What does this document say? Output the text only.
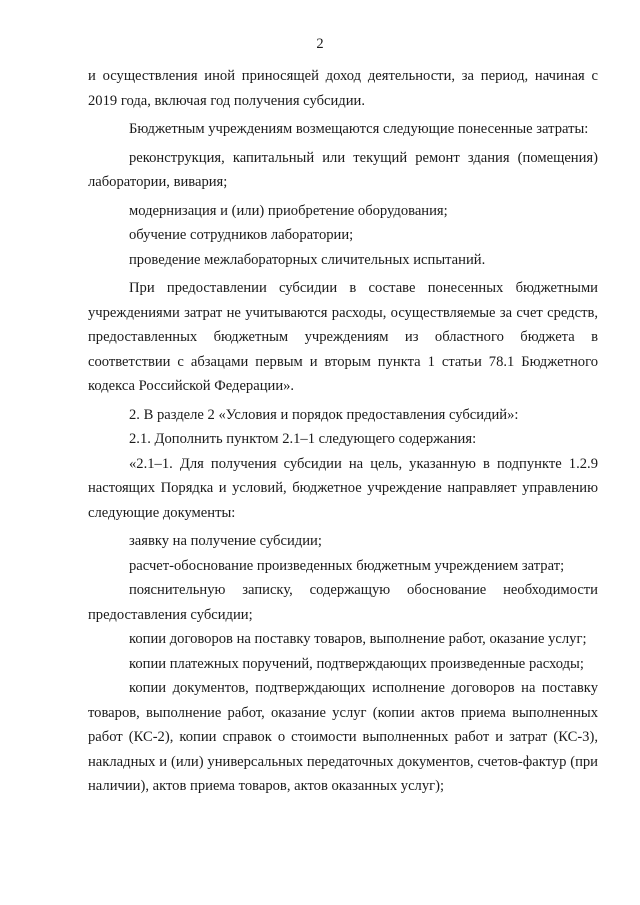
2

и осуществления иной приносящей доход деятельности, за период, начиная с 2019 года, включая год получения субсидии.

Бюджетным учреждениям возмещаются следующие понесенные затраты:

реконструкция, капитальный или текущий ремонт здания (помещения) лаборатории, вивария;

модернизация и (или) приобретение оборудования;

обучение сотрудников лаборатории;

проведение межлабораторных сличительных испытаний.

При предоставлении субсидии в составе понесенных бюджетными учреждениями затрат не учитываются расходы, осуществляемые за счет средств, предоставленных бюджетным учреждениям из областного бюджета в соответствии с абзацами первым и вторым пункта 1 статьи 78.1 Бюджетного кодекса Российской Федерации».

2. В разделе 2 «Условия и порядок предоставления субсидий»:

2.1. Дополнить пунктом 2.1–1 следующего содержания:

«2.1–1. Для получения субсидии на цель, указанную в подпункте 1.2.9 настоящих Порядка и условий, бюджетное учреждение направляет управлению следующие документы:

заявку на получение субсидии;

расчет-обоснование произведенных бюджетным учреждением затрат;

пояснительную записку, содержащую обоснование необходимости предоставления субсидии;

копии договоров на поставку товаров, выполнение работ, оказание услуг;

копии платежных поручений, подтверждающих произведенные расходы;

копии документов, подтверждающих исполнение договоров на поставку товаров, выполнение работ, оказание услуг (копии актов приема выполненных работ (КС-2), копии справок о стоимости выполненных работ и затрат (КС-3), накладных и (или) универсальных передаточных документов, счетов-фактур (при наличии), актов приема товаров, актов оказанных услуг);
